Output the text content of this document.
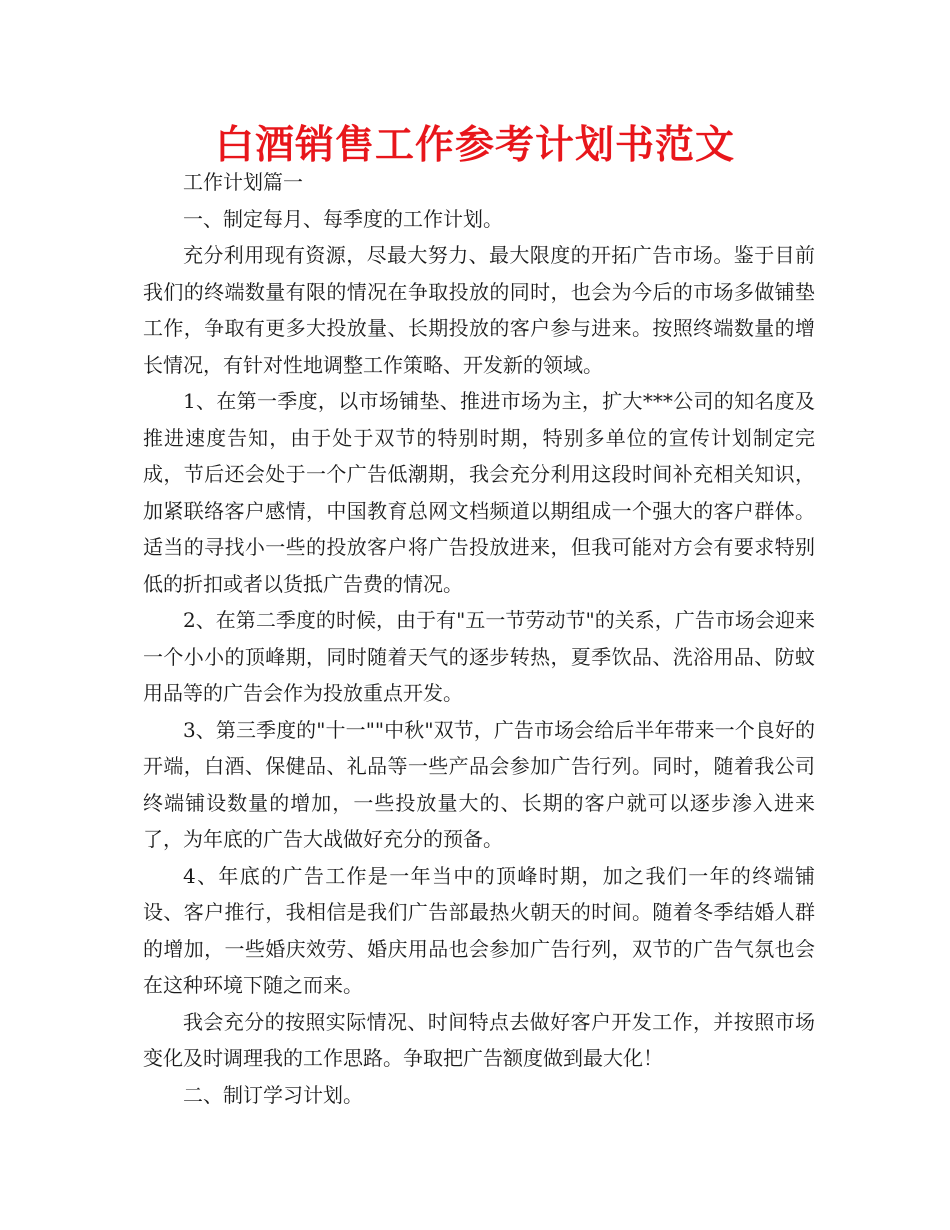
白酒销售工作参考计划书范文

工作计划篇一

一、制定每月、每季度的工作计划。

充分利用现有资源，尽最大努力、最大限度的开拓广告市场。鉴于目前我们的终端数量有限的情况在争取投放的同时，也会为今后的市场多做铺垫工作，争取有更多大投放量、长期投放的客户参与进来。按照终端数量的增长情况，有针对性地调整工作策略、开发新的领域。

1、在第一季度，以市场铺垫、推进市场为主，扩大***公司的知名度及推进速度告知，由于处于双节的特别时期，特别多单位的宣传计划制定完成，节后还会处于一个广告低潮期，我会充分利用这段时间补充相关知识，加紧联络客户感情，中国教育总网文档频道以期组成一个强大的客户群体。适当的寻找小一些的投放客户将广告投放进来，但我可能对方会有要求特别低的折扣或者以货抵广告费的情况。

2、在第二季度的时候，由于有"五一节劳动节"的关系，广告市场会迎来一个小小的顶峰期，同时随着天气的逐步转热，夏季饮品、洗浴用品、防蚊用品等的广告会作为投放重点开发。

3、第三季度的"十一""中秋"双节，广告市场会给后半年带来一个良好的开端，白酒、保健品、礼品等一些产品会参加广告行列。同时，随着我公司终端铺设数量的增加，一些投放量大的、长期的客户就可以逐步渗入进来了，为年底的广告大战做好充分的预备。

4、年底的广告工作是一年当中的顶峰时期，加之我们一年的终端铺设、客户推行，我相信是我们广告部最热火朝天的时间。随着冬季结婚人群的增加，一些婚庆效劳、婚庆用品也会参加广告行列，双节的广告气氛也会在这种环境下随之而来。

我会充分的按照实际情况、时间特点去做好客户开发工作，并按照市场变化及时调理我的工作思路。争取把广告额度做到最大化！

二、制订学习计划。
